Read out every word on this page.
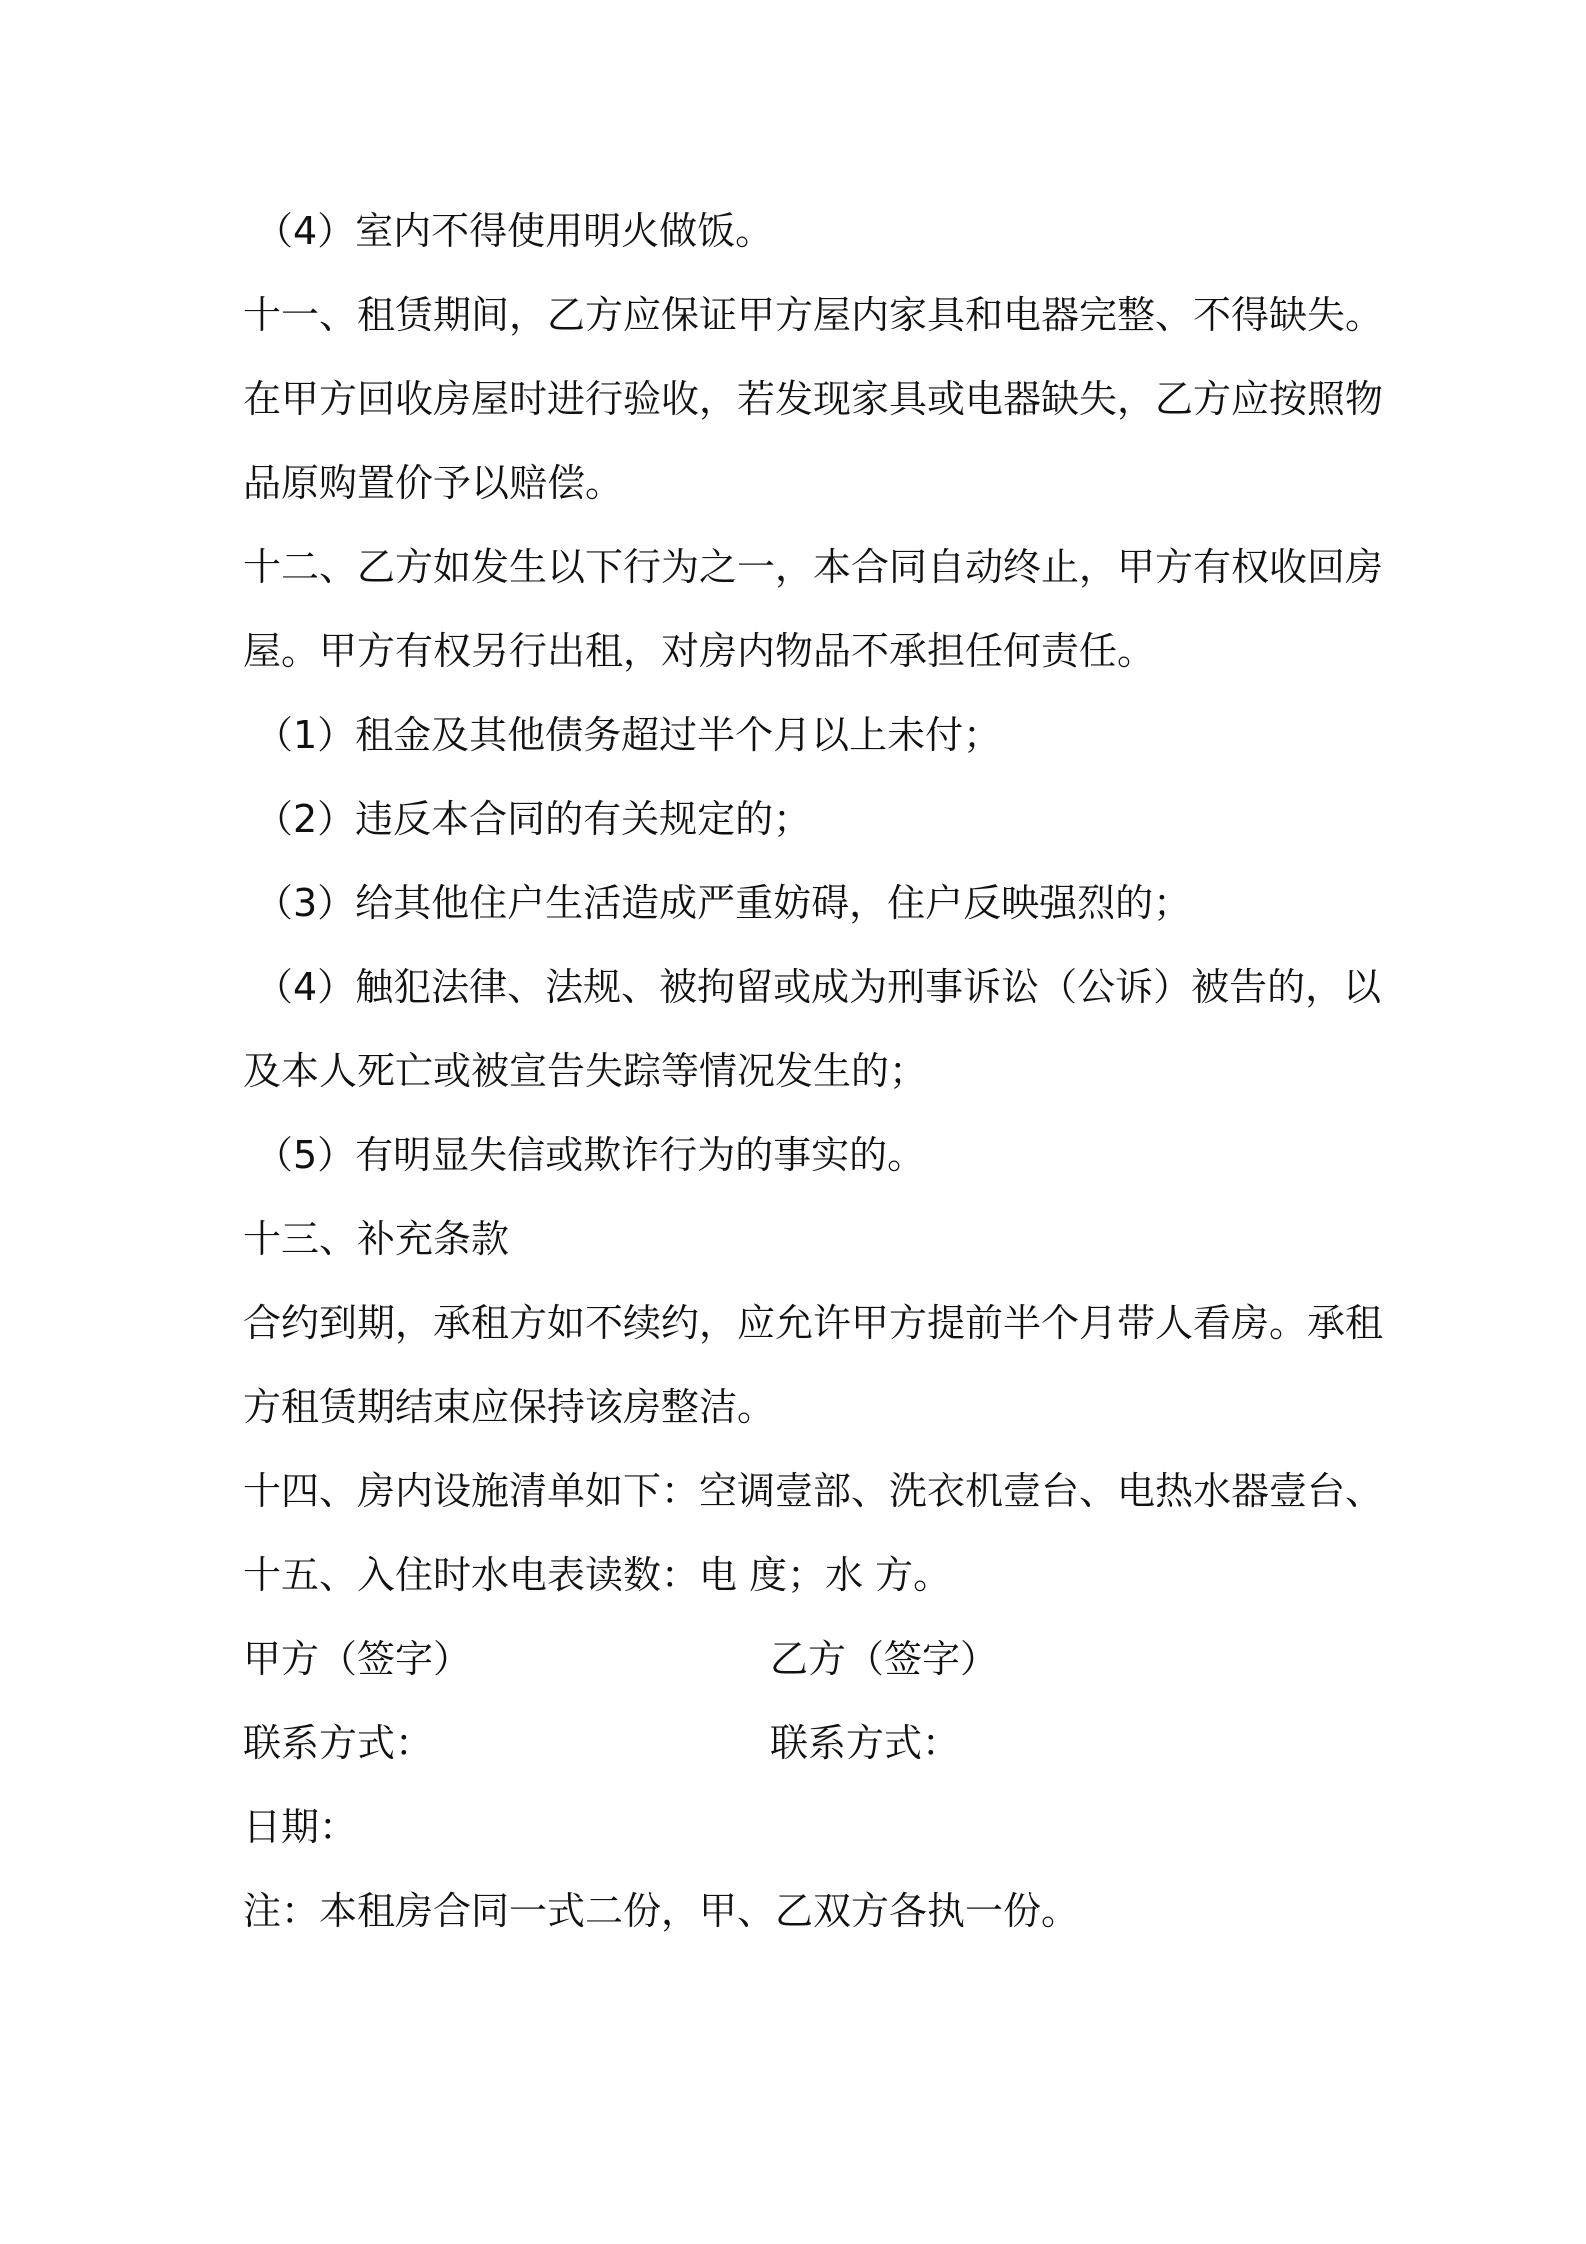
（4）室内不得使用明火做饭。
十一、租赁期间，乙方应保证甲方屋内家具和电器完整、不得缺失。
在甲方回收房屋时进行验收，若发现家具或电器缺失，乙方应按照物
品原购置价予以赔偿。
十二、乙方如发生以下行为之一，本合同自动终止，甲方有权收回房
屋。甲方有权另行出租，对房内物品不承担任何责任。
（1）租金及其他债务超过半个月以上未付；
（2）违反本合同的有关规定的；
（3）给其他住户生活造成严重妨碍，住户反映强烈的；
（4）触犯法律、法规、被拘留或成为刑事诉讼（公诉）被告的，以
及本人死亡或被宣告失踪等情况发生的；
（5）有明显失信或欺诈行为的事实的。
十三、补充条款
合约到期，承租方如不续约，应允许甲方提前半个月带人看房。承租
方租赁期结束应保持该房整洁。
十四、房内设施清单如下：空调壹部、洗衣机壹台、电热水器壹台、
十五、入住时水电表读数：电 度；水 方。
甲方（签字）	乙方（签字）
联系方式：	联系方式：
日期：
注：本租房合同一式二份，甲、乙双方各执一份。
